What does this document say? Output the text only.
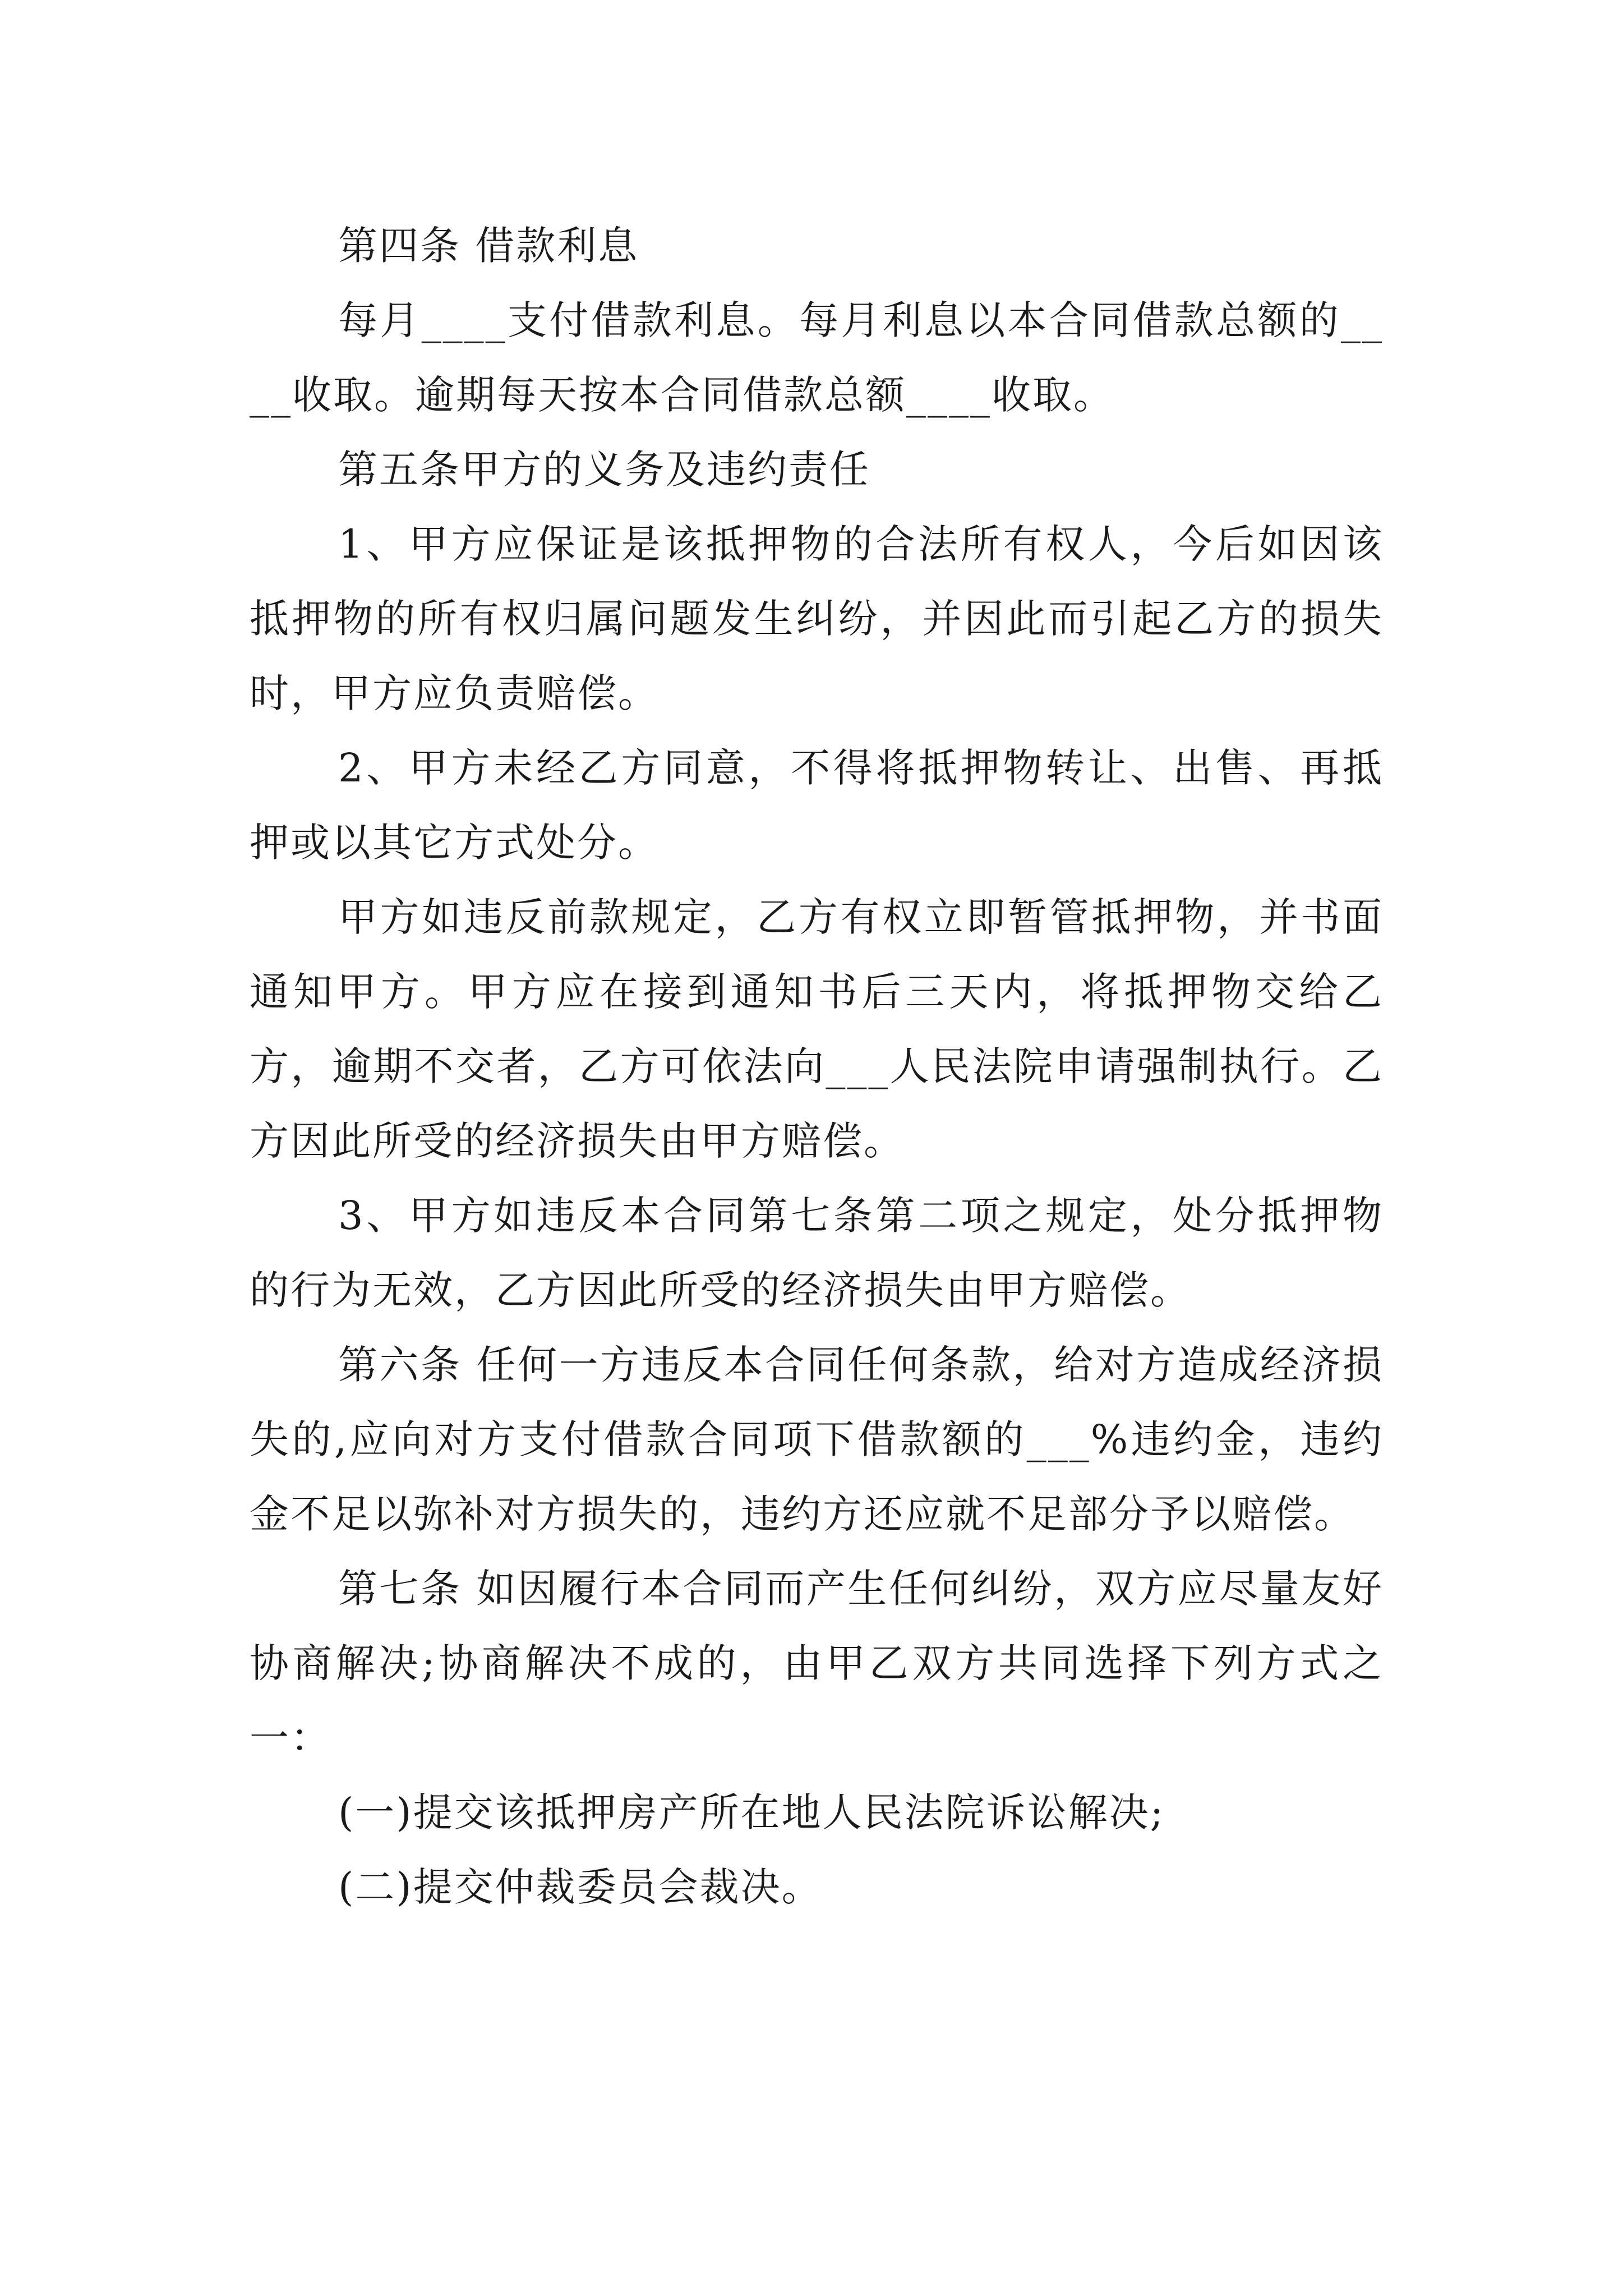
第四条 借款利息

每月____支付借款利息。每月利息以本合同借款总额的____收取。逾期每天按本合同借款总额____收取。

第五条甲方的义务及违约责任

1、甲方应保证是该抵押物的合法所有权人，今后如因该抵押物的所有权归属问题发生纠纷，并因此而引起乙方的损失时，甲方应负责赔偿。

2、甲方未经乙方同意，不得将抵押物转让、出售、再抵押或以其它方式处分。

甲方如违反前款规定，乙方有权立即暂管抵押物，并书面通知甲方。甲方应在接到通知书后三天内，将抵押物交给乙方，逾期不交者，乙方可依法向___人民法院申请强制执行。乙方因此所受的经济损失由甲方赔偿。

3、甲方如违反本合同第七条第二项之规定，处分抵押物的行为无效，乙方因此所受的经济损失由甲方赔偿。

第六条 任何一方违反本合同任何条款，给对方造成经济损失的,应向对方支付借款合同项下借款额的___%违约金，违约金不足以弥补对方损失的，违约方还应就不足部分予以赔偿。

第七条 如因履行本合同而产生任何纠纷，双方应尽量友好协商解决;协商解决不成的，由甲乙双方共同选择下列方式之一：

(一)提交该抵押房产所在地人民法院诉讼解决;

(二)提交仲裁委员会裁决。
